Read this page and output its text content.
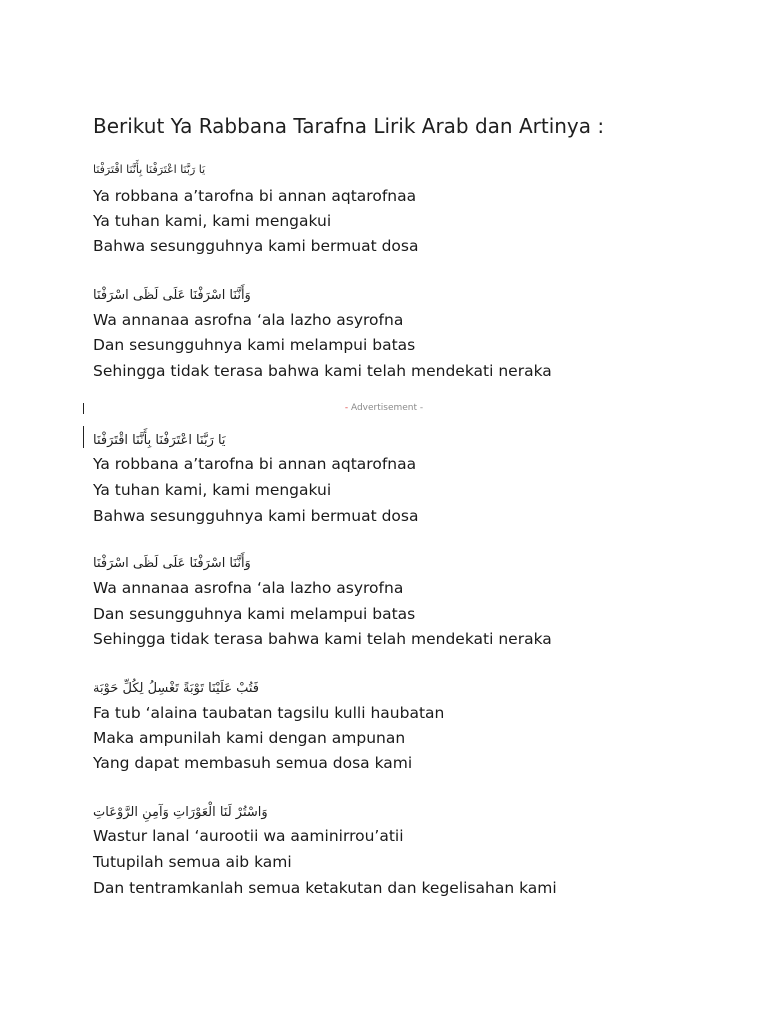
Berikut Ya Rabbana Tarafna Lirik Arab dan Artinya :
يَا رَبَّنَا اعْتَرَفْنَا بِأَنَّنَا اقْتَرَفْنَا

Ya robbana a’tarofna bi annan aqtarofnaa

Ya tuhan kami, kami mengakui

Bahwa sesungguhnya kami bermuat dosa

وَأَنَّنَا اسْرَفْنَا عَلَى لَظَى اسْرَفْنَا

Wa annanaa asrofna ‘ala lazho asyrofna

Dan sesungguhnya kami melampui batas

Sehingga tidak terasa bahwa kami telah mendekati neraka

- Advertisement -
يَا رَبَّنَا اعْتَرَفْنَا بِأَنَّنَا اقْتَرَفْنَا

Ya robbana a’tarofna bi annan aqtarofnaa

Ya tuhan kami, kami mengakui

Bahwa sesungguhnya kami bermuat dosa

وَأَنَّنَا اسْرَفْنَا عَلَى لَظَى اسْرَفْنَا

Wa annanaa asrofna ‘ala lazho asyrofna

Dan sesungguhnya kami melampui batas

Sehingga tidak terasa bahwa kami telah mendekati neraka

فَتُبْ عَلَيْنَا تَوْبَةً تَغْسِلُ لِكُلِّ حَوْبَة

Fa tub ‘alaina taubatan tagsilu kulli haubatan

Maka ampunilah kami dengan ampunan

Yang dapat membasuh semua dosa kami

وَاسْتُرْ لَنَا الْعَوْرَاتِ وَآمِنِ الرَّوْعَاتِ

Wastur lanal ‘aurootii wa aaminirrou’atii

Tutupilah semua aib kami

Dan tentramkanlah semua ketakutan dan kegelisahan kami
